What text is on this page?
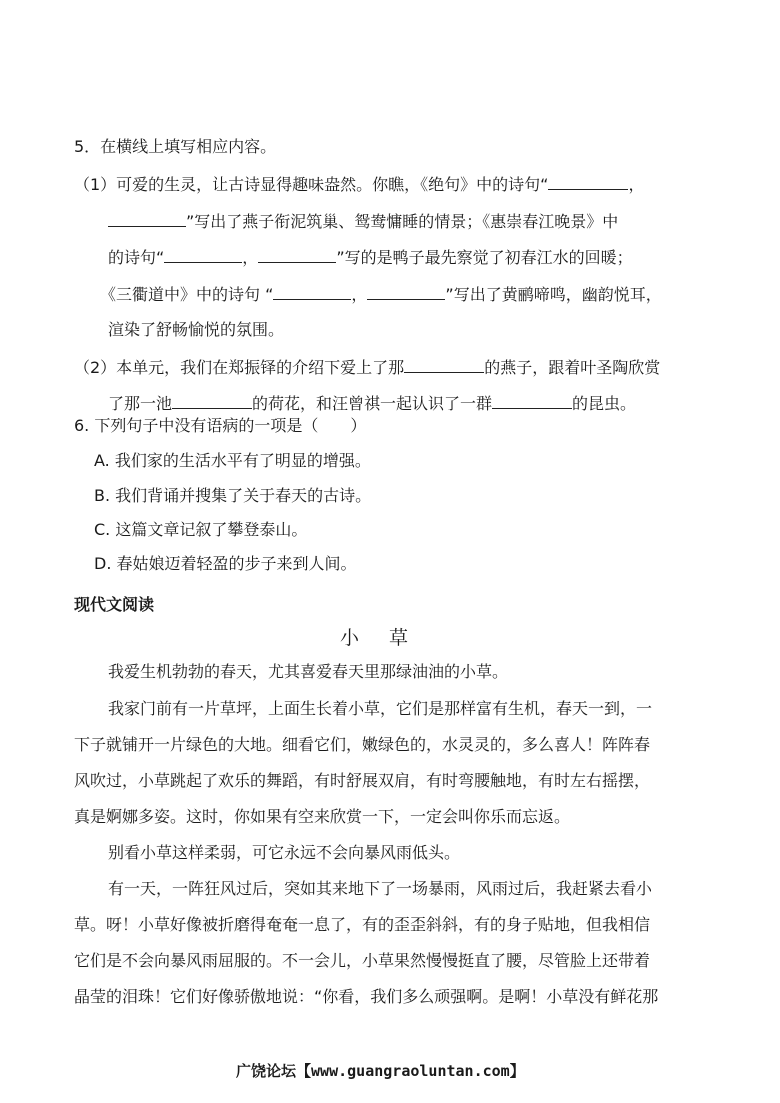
5．在横线上填写相应内容。
（1）可爱的生灵，让古诗显得趣味盎然。你瞧，《绝句》中的诗句“	，
”写出了燕子衔泥筑巢、鸳鸯慵睡的情景；《惠崇春江晚景》中
的诗句“	，	”写的是鸭子最先察觉了初春江水的回暖；
《三衢道中》中的诗句 “	，	”写出了黄鹂啼鸣，幽韵悦耳，
渲染了舒畅愉悦的氛围。
（2）本单元，我们在郑振铎的介绍下爱上了那	的燕子，跟着叶圣陶欣赏
了那一池	的荷花，和汪曾祺一起认识了一群	的昆虫。
6. 下列句子中没有语病的一项是（　　）
A. 我们家的生活水平有了明显的增强。
B. 我们背诵并搜集了关于春天的古诗。
C. 这篇文章记叙了攀登泰山。
D. 春姑娘迈着轻盈的步子来到人间。
现代文阅读
小 草
我爱生机勃勃的春天，尤其喜爱春天里那绿油油的小草。
我家门前有一片草坪，上面生长着小草，它们是那样富有生机，春天一到，一
下子就铺开一片绿色的大地。细看它们，嫩绿色的，水灵灵的，多么喜人！阵阵春
风吹过，小草跳起了欢乐的舞蹈，有时舒展双肩，有时弯腰触地，有时左右摇摆，
真是婀娜多姿。这时，你如果有空来欣赏一下，一定会叫你乐而忘返。
别看小草这样柔弱，可它永远不会向暴风雨低头。
有一天，一阵狂风过后，突如其来地下了一场暴雨，风雨过后，我赶紧去看小
草。呀！小草好像被折磨得奄奄一息了，有的歪歪斜斜，有的身子贴地，但我相信
它们是不会向暴风雨屈服的。不一会儿，小草果然慢慢挺直了腰，尽管脸上还带着
晶莹的泪珠！它们好像骄傲地说：“你看，我们多么顽强啊。是啊！小草没有鲜花那
广饶论坛【www.guangraoluntan.com】
